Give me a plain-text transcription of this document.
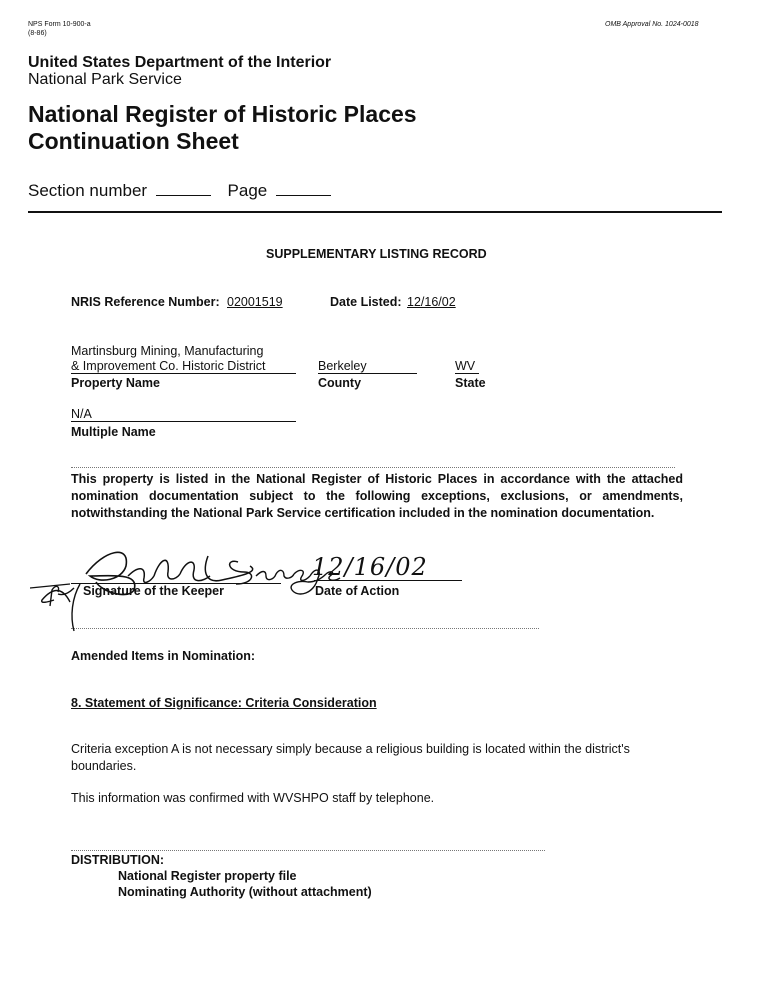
NPS Form 10-900-a
(8-86)
OMB Approval No. 1024-0018
United States Department of the Interior
National Park Service
National Register of Historic Places
Continuation Sheet
Section number	Page
SUPPLEMENTARY LISTING RECORD
NRIS Reference Number: 02001519	Date Listed: 12/16/02
Martinsburg Mining, Manufacturing
& Improvement Co. Historic District	Berkeley	WV
Property Name	County	State
N/A
Multiple Name
This property is listed in the National Register of Historic Places in accordance with the attached nomination documentation subject to the following exceptions, exclusions, or amendments, notwithstanding the National Park Service certification included in the nomination documentation.
Signature of the Keeper
12/16/02
Date of Action
Amended Items in Nomination:
8. Statement of Significance: Criteria Consideration
Criteria exception A is not necessary simply because a religious building is located within the district's boundaries.
This information was confirmed with WVSHPO staff by telephone.
DISTRIBUTION:
National Register property file
Nominating Authority (without attachment)
